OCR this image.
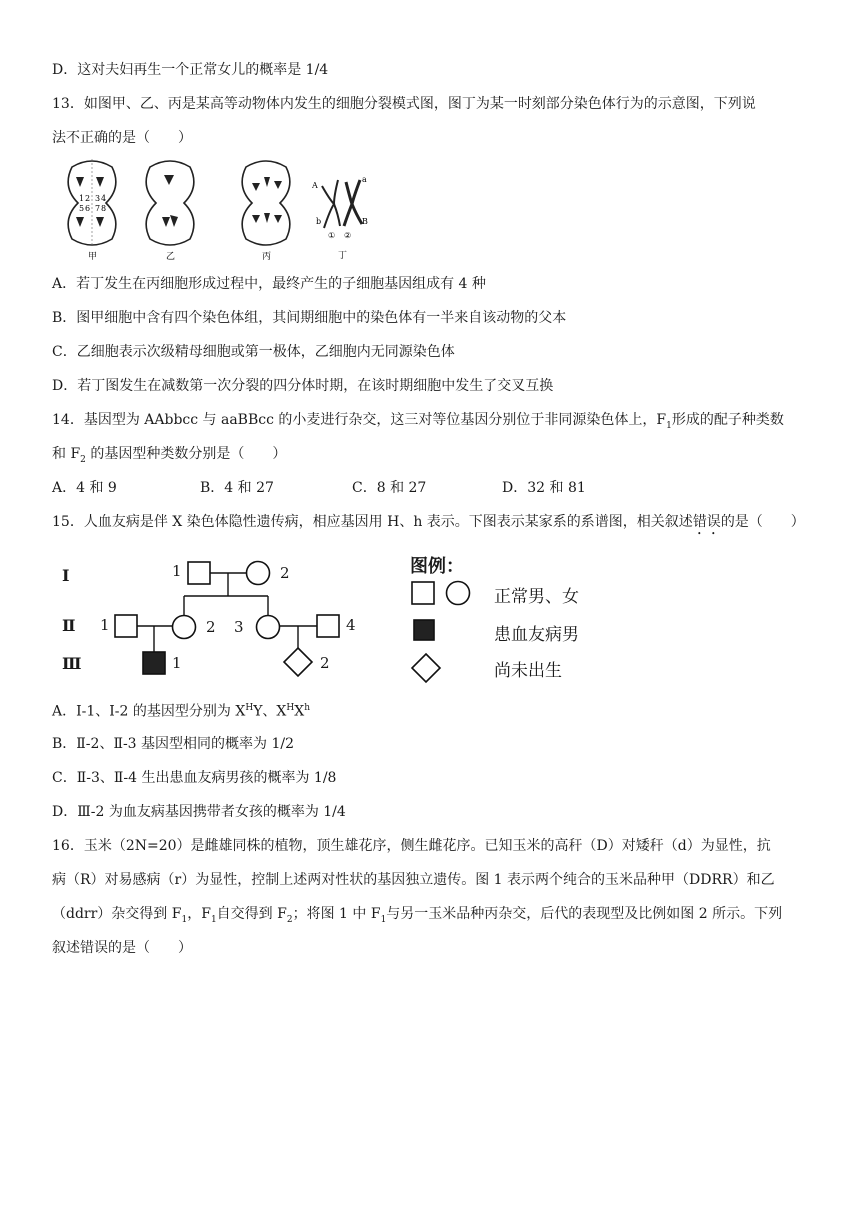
D．这对夫妇再生一个正常女儿的概率是 1/4
13．如图甲、乙、丙是某高等动物体内发生的细胞分裂模式图，图丁为某一时刻部分染色体行为的示意图，下列说
法不正确的是（　　）
1 2 3 4
5 6 7 8
甲	乙	丙
A
a
b	B
① ②
丁
A．若丁发生在丙细胞形成过程中，最终产生的子细胞基因组成有 4 种
B．图甲细胞中含有四个染色体组，其间期细胞中的染色体有一半来自该动物的父本
C．乙细胞表示次级精母细胞或第一极体，乙细胞内无同源染色体
D．若丁图发生在减数第一次分裂的四分体时期，在该时期细胞中发生了交叉互换
14．基因型为 AAbbcc 与 aaBBcc 的小麦进行杂交，这三对等位基因分别位于非同源染色体上，$F_1$形成的配子种类数
和 $F_2$ 的基因型种类数分别是（　　）
A．4 和 9	B．4 和 27	C．8 和 27	D．32 和 81
15．人血友病是伴 X 染色体隐性遗传病，相应基因用 H、h 表示。下图表示某家系的系谱图，相关叙述错误的是（　　）
Ⅰ
Ⅱ
Ⅲ
1	2
1	2 3	4
1	2
图例：
正常男、女
患血友病男
尚未出生
A．Ⅰ-1、Ⅰ-2 的基因型分别为 $X^HY$、$X^HX^h$
B．Ⅱ-2、Ⅱ-3 基因型相同的概率为 1/2
C．Ⅱ-3、Ⅱ-4 生出患血友病男孩的概率为 1/8
D．Ⅲ-2 为血友病基因携带者女孩的概率为 1/4
16．玉米（2N=20）是雌雄同株的植物，顶生雄花序，侧生雌花序。已知玉米的高秆（D）对矮秆（d）为显性，抗
病（R）对易感病（r）为显性，控制上述两对性状的基因独立遗传。图 1 表示两个纯合的玉米品种甲（DDRR）和乙
（ddrr）杂交得到 $F_1$，$F_1$自交得到 $F_2$；将图 1 中 $F_1$与另一玉米品种丙杂交，后代的表现型及比例如图 2 所示。下列
叙述错误的是（　　）
